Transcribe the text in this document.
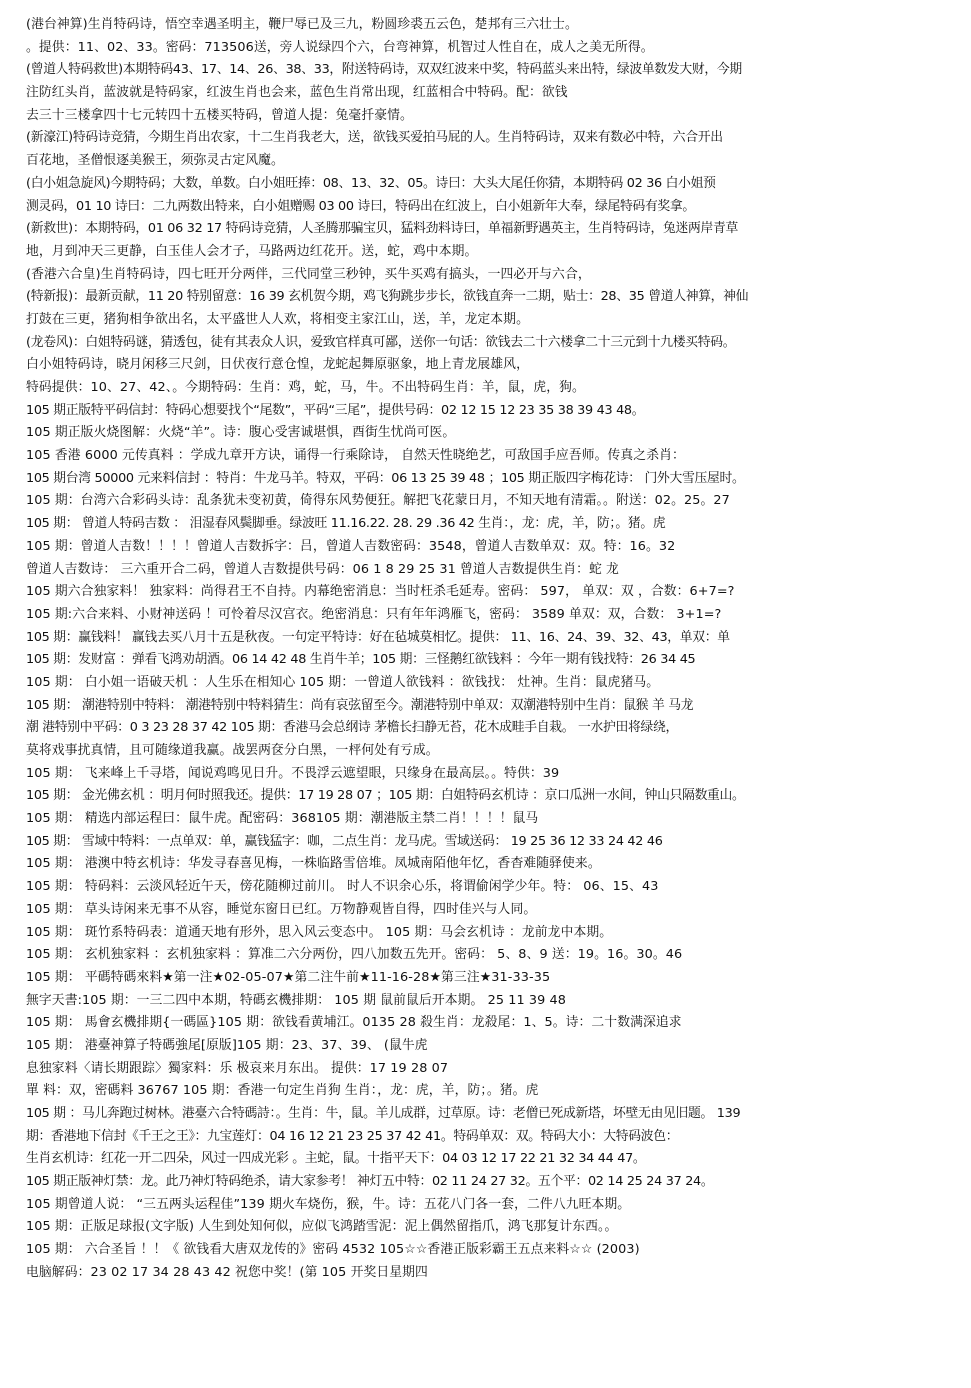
(港台神算)生肖特码诗，悟空幸遇圣明主，鞭尸辱已及三九，粉圆珍裘五云色，楚邦有三六壮士。
。提供：11、02、33。密码：713506送，旁人说绿四个六，台弯神算，机智过人性自在，成人之美无所得。
(曾道人特码救世)本期特码43、17、14、26、38、33，附送特码诗，双双红波来中奖，特码蓝头来出特，绿波单数发大财，今期
注防红头肖，蓝波就是特码家，红波生肖也会来，蓝色生肖常出现，红蓝相合中特码。配：欲钱
去三十三楼拿四十七元转四十五楼买特码，曾道人提：兔毫扦豪情。
(新濠江)特码诗竞猜，今期生肖出农家，十二生肖我老大，送，欲钱买爱拍马屁的人。生肖特码诗，双来有数必中特，六合开出
百花地，圣僧恨逐美猴王，须弥灵古定风魔。
(白小姐急旋风)今期特码；大数，单数。白小姐旺捧：08、13、32、05。诗曰：大头大尾任你猜，本期特码 02 36 白小姐预
测灵码，01 10 诗曰：二九两数出特来，白小姐赠赐 03 00 诗曰，特码出在红波上，白小姐新年大奉，绿尾特码有奖拿。
(新救世)：本期特码，01 06 32 17 特码诗竞猜，人圣腾那骗宝贝，猛料劲料诗曰，单福新野遇英主，生肖特码诗，兔迷两岸青草
地，月到冲天三更静，白玉佳人会才子，马路两边红花开。送，蛇，鸡中本期。
(香港六合皇)生肖特码诗，四七旺开分两伴，三代同堂三秒钟，买牛买鸡有搞头，一四必开与六合，
(特新报)：最新贡献，11 20 特别留意：16 39 玄机贺今期，鸡飞狗跳步步长，欲钱直奔一二期，贴士：28、35 曾道人神算，神仙
打鼓在三更，猪狗相争欲出名，太平盛世人人欢，将相变主家江山，送，羊，龙定本期。
(龙卷风)：白姐特码谜，猜透包，徒有其表众人识，爱致官样真可鄙，送你一句话：欲钱去二十六楼拿二十三元到十九楼买特码。
白小姐特码诗，晓月闲移三尺剑，日伏夜行意仓惶，龙蛇起舞原驱象，地上青龙展雄风，
特码提供：10、27、42、。今期特码：生肖：鸡，蛇，马，牛。不出特码生肖：羊，鼠，虎，狗。
105 期正版特平码信封：特码心想要找个“尾数”，平码“三尾”，提供号码：02 12 15 12 23 35 38 39 43 48。
105 期正版火烧图解：火烧“羊”。诗：腹心受害诚堪惧，酉街生忧尚可医。
105 香港 6000 元传真料 ：学成九章开方诀，诵得一行乘除诗， 自然天性晓绝艺，可敌国手应吾师。传真之杀肖：
105 期台湾 50000 元来料信封 ：特肖：牛龙马羊。特双，平码：06 13 25 39 48 ；105 期正版四字梅花诗： 门外大雪压屋时。
105 期：台湾六合彩码头诗：乱条犹未变初黄，倚得东风势便狂。解把飞花蒙日月，不知天地有清霜。。附送：02。25。27
105 期： 曾道人特码吉数 ： 泪湿春风鬓脚垂。绿波旺 11.16.22. 28. 29 .36 42 生肖：，龙：虎，羊，防；。猪。虎
105 期：曾道人吉数！！！！曾道人吉数拆字：吕，曾道人吉数密码：3548，曾道人吉数单双：双。特：16。32
曾道人吉数诗： 三六重开合二码，曾道人吉数提供号码：06 1 8 29 25 31 曾道人吉数提供生肖：蛇 龙
105 期六合独家料！ 独家料：尚得君王不自持。内幕绝密消息：当时枉杀毛延寿。密码： 597， 单双：双 ，合数：6+7=?
105 期:六合来料、小财神送码 ！可怜着尽汉宫衣。绝密消息：只有年年鸿雁飞，密码： 3589 单双：双，合数： 3+1=?
105 期：赢钱料！ 赢钱去买八月十五是秋夜。一句定平特诗：好在毡城莫相忆。提供： 11、16、24、39、32、43，单双：单
105 期：发财富 ：弹看飞鸿劝胡酒。06 14 42 48 生肖牛羊；105 期：三怪鹅红欲钱料 ：今年一期有钱找特：26 34 45
105 期： 白小姐一语破天机 ：人生乐在相知心 105 期：一曾道人欲钱料 ：欲钱找： 灶神。生肖：鼠虎猪马。
105 期： 潮港特别中特料： 潮港特别中特料猜生：尚有哀弦留至今。潮港特别中单双：双潮港特别中生肖：鼠猴 羊 马龙
潮 港特别中平码：0 3 23 28 37 42 105 期：香港马会总纲诗 茅檐长扫静无苔，花木成畦手自栽。 一水护田将绿绕，
莫将戏事扰真情，且可随缘道我赢。战罢两奁分白黑，一枰何处有亏成。
105 期： 飞来峰上千寻塔，闻说鸡鸣见日升。不畏浮云遮望眼，只缘身在最高层。。特供：39
105 期： 金光佛玄机 ：明月何时照我还。提供：17 19 28 07 ；105 期：白姐特码玄机诗 ：京口瓜洲一水间，钟山只隔数重山。
105 期： 精选内部运程曰：鼠牛虎。配密码：368105 期：潮港版主禁二肖！！！！鼠马
105 期： 雪域中特料：一点单双：单，赢钱猛字：咖，二点生肖：龙马虎。雪域送码： 19 25 36 12 33 24 42 46
105 期： 港澳中特玄机诗：华发寻春喜见梅，一株临路雪倍堆。凤城南陌他年忆，香杳难随驿使来。
105 期： 特码料：云淡风轻近午天，傍花随柳过前川。 时人不识余心乐，将谓偷闲学少年。特： 06、15、43
105 期： 草头诗闲来无事不从容，睡觉东窗日已红。万物静观皆自得，四时佳兴与人同。
105 期： 斑竹系特码表：道通天地有形外，思入风云变态中。 105 期：马会玄机诗 ：龙前龙中本期。
105 期： 玄机独家料 ：玄机独家料 ：算准二六分两份，四八加数五先开。密码： 5、8、9 送：19。16。30。46
105 期： 平碼特碼來料★第一注★02-05-07★第二注牛前★11-16-28★第三注★31-33-35
無字天書:105 期：一三二四中本期，特碼玄機排期： 105 期 鼠前鼠后开本期。 25 11 39 48
105 期： 馬會玄機排期{一碼區}105 期：欲钱看黄埔江。0135 28 殺生肖：龙殺尾：1、5。诗：二十数满深追求
105 期： 港臺神算子特碼強尾[原版]105 期：23、37、39、 (鼠牛虎
息独家料〈请长期跟踪〉獨家料：乐 极哀来月东出。 提供：17 19 28 07
單 料：双，密碼料 36767 105 期：香港一句定生肖狗 生肖：，龙：虎，羊，防；。猪。虎
105 期 ：马儿奔跑过树林。港臺六合特碼詩：。生肖：牛，鼠。羊儿成群，过草原。诗：老僧已死成新塔，坏壁无由见旧题。 139
期：香港地下信封《千王之王》：九宝莲灯：04 16 12 21 23 25 37 42 41。特码单双：双。特码大小：大特码波色：
生肖玄机诗：红花一开二四朵，风过一四成光彩 。主蛇，鼠。十指平天下：04 03 12 17 22 21 32 34 44 47。
105 期正版神灯禁：龙。此乃神灯特码绝杀，请大家参考！ 神灯五中特：02 11 24 27 32。五个平：02 14 25 24 37 24。
105 期曾道人说： “三五两头运程佳”139 期火车烧伤，猴，牛。诗：五花八门各一套，二件八九旺本期。
105 期：正版足球报(文字版) 人生到处知何似，应似飞鸿踏雪泥：泥上偶然留指爪，鸿飞那复计东西。。
105 期： 六合圣旨 ！！《 欲钱看大唐双龙传的》密码 4532 105☆☆香港正版彩霸王五点来料☆☆ (2003)
电脑解码：23 02 17 34 28 43 42 祝您中奖！(第 105 开奖日星期四
